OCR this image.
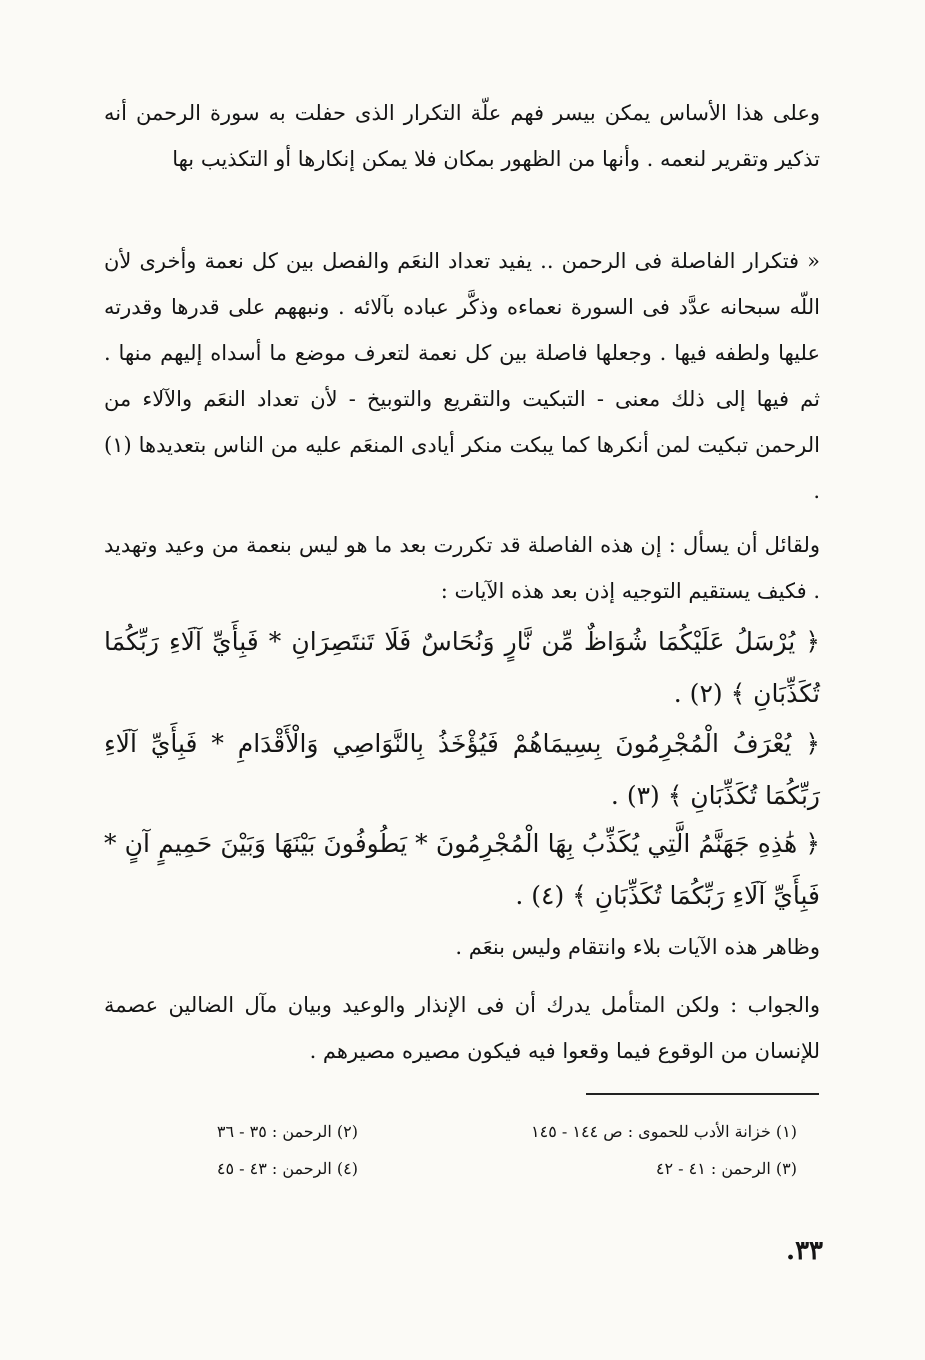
وعلى هذا الأساس يمكن بيسر فهم علّة التكرار الذى حفلت به سورة الرحمن أنه تذكير وتقرير لنعمه . وأنها من الظهور بمكان فلا يمكن إنكارها أو التكذيب بها

« فتكرار الفاصلة فى الرحمن .. يفيد تعداد النعَم والفصل بين كل نعمة وأخرى لأن اللّه سبحانه عدَّد فى السورة نعماءه وذكَّر عباده بآلائه . ونبههم على قدرها وقدرته عليها ولطفه فيها . وجعلها فاصلة بين كل نعمة لتعرف موضع ما أسداه إليهم منها . ثم فيها إلى ذلك معنى - التبكيت والتقريع والتوبيخ - لأن تعداد النعَم والآلاء من الرحمن تبكيت لمن أنكرها كما يبكت منكر أيادى المنعَم عليه من الناس بتعديدها (١) .

ولقائل أن يسأل : إن هذه الفاصلة قد تكررت بعد ما هو ليس بنعمة من وعيد وتهديد . فكيف يستقيم التوجيه إذن بعد هذه الآيات :

﴿ يُرْسَلُ عَلَيْكُمَا شُوَاظٌ مِّن نَّارٍ وَنُحَاسٌ فَلَا تَنتَصِرَانِ * فَبِأَيِّ آلَاءِ رَبِّكُمَا تُكَذِّبَانِ ﴾ (٢) .

﴿ يُعْرَفُ الْمُجْرِمُونَ بِسِيمَاهُمْ فَيُؤْخَذُ بِالنَّوَاصِي وَالْأَقْدَامِ * فَبِأَيِّ آلَاءِ رَبِّكُمَا تُكَذِّبَانِ ﴾ (٣) .

﴿ هَٰذِهِ جَهَنَّمُ الَّتِي يُكَذِّبُ بِهَا الْمُجْرِمُونَ * يَطُوفُونَ بَيْنَهَا وَبَيْنَ حَمِيمٍ آنٍ * فَبِأَيِّ آلَاءِ رَبِّكُمَا تُكَذِّبَانِ ﴾ (٤) .

وظاهر هذه الآيات بلاء وانتقام وليس بنعَم .

والجواب : ولكن المتأمل يدرك أن فى الإنذار والوعيد وبيان مآل الضالين عصمة للإنسان من الوقوع فيما وقعوا فيه فيكون مصيره مصيرهم .

(١) خزانة الأدب للحموى : ص ١٤٤ - ١٤٥
(٢) الرحمن : ٣٥ - ٣٦
(٣) الرحمن : ٤١ - ٤٢
(٤) الرحمن : ٤٣ - ٤٥
٣٣.
